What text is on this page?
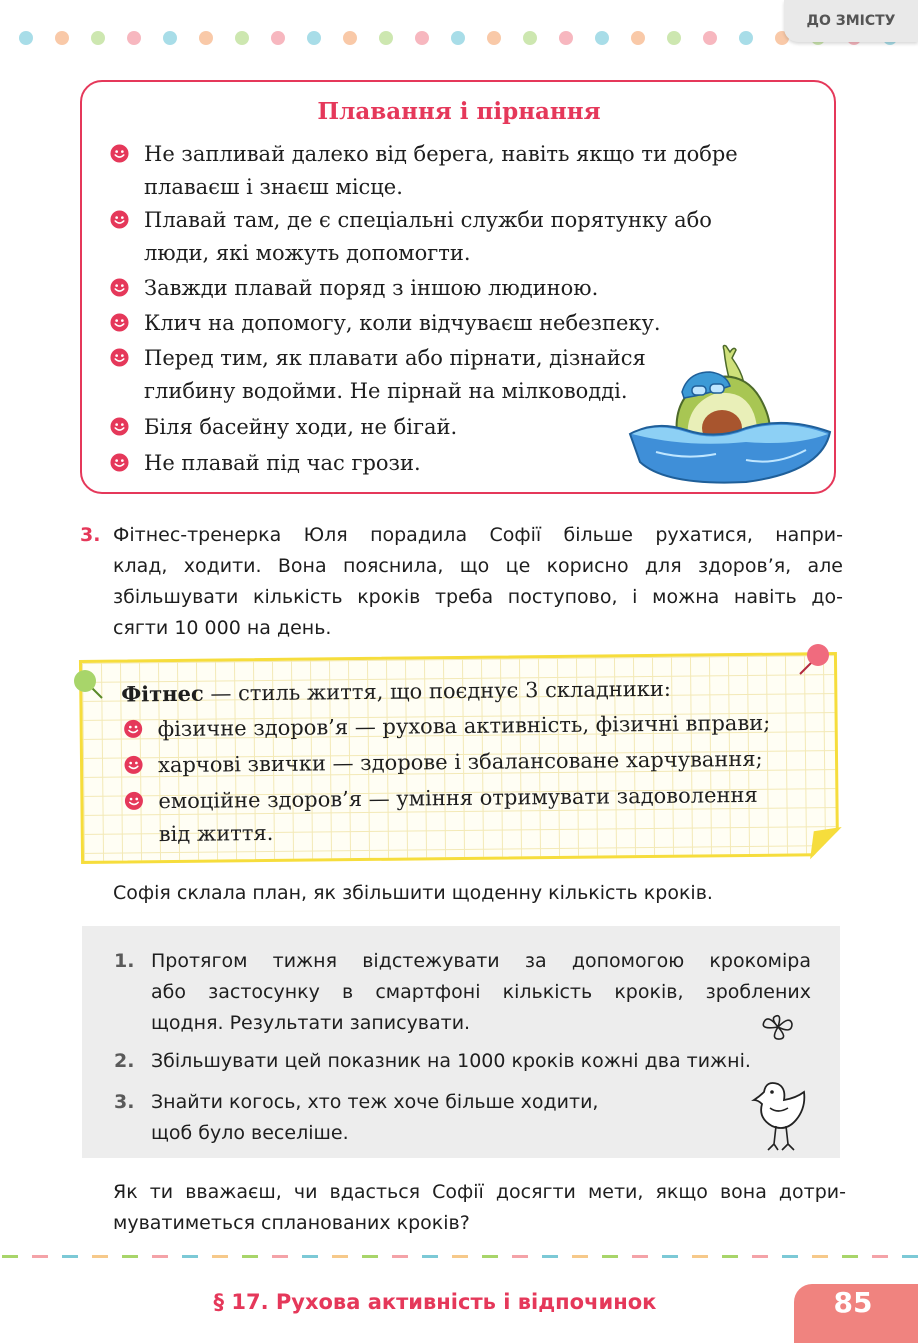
ДО ЗМІСТУ
Плавання і пірнання
Не запливай далеко від берега, навіть якщо ти добре
плаваєш і знаєш місце.
Плавай там, де є спеціальні служби порятунку або
люди, які можуть допомогти.
Завжди плавай поряд з іншою людиною.
Клич на допомогу, коли відчуваєш небезпеку.
Перед тим, як плавати або пірнати, дізнайся
глибину водойми. Не пірнай на мілководді.
Біля басейну ходи, не бігай.
Не плавай під час грози.
3. Фітнес-тренерка Юля порадила Софії більше рухатися, напри-
клад, ходити. Вона пояснила, що це корисно для здоров’я, але
збільшувати кількість кроків треба поступово, і можна навіть до-
сягти 10 000 на день.
Фітнес — стиль життя, що поєднує 3 складники:
фізичне здоров’я — рухова активність, фізичні вправи;
харчові звички — здорове і збалансоване харчування;
емоційне здоров’я — уміння отримувати задоволення
від життя.
Софія склала план, як збільшити щоденну кількість кроків.
1. Протягом тижня відстежувати за допомогою крокоміра
або застосунку в смартфоні кількість кроків, зроблених
щодня. Результати записувати.
2. Збільшувати цей показник на 1000 кроків кожні два тижні.
3. Знайти когось, хто теж хоче більше ходити,
щоб було веселіше.
Як ти вважаєш, чи вдасться Софії досягти мети, якщо вона дотри-
муватиметься спланованих кроків?
§ 17. Рухова активність і відпочинок	85
